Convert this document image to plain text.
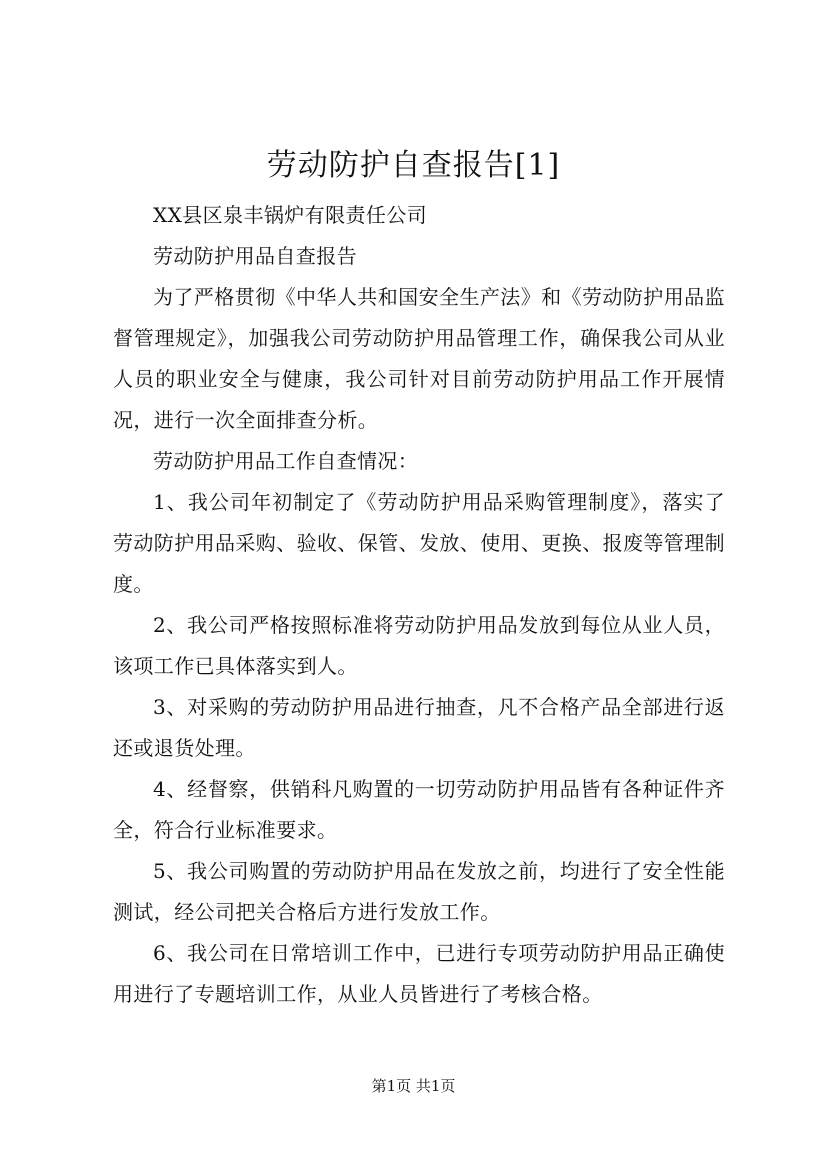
劳动防护自查报告[1]

XX县区泉丰锅炉有限责任公司

劳动防护用品自查报告

为了严格贯彻《中华人共和国安全生产法》和《劳动防护用品监督管理规定》，加强我公司劳动防护用品管理工作，确保我公司从业人员的职业安全与健康，我公司针对目前劳动防护用品工作开展情况，进行一次全面排查分析。

劳动防护用品工作自查情况：

1、我公司年初制定了《劳动防护用品采购管理制度》，落实了劳动防护用品采购、验收、保管、发放、使用、更换、报废等管理制度。

2、我公司严格按照标准将劳动防护用品发放到每位从业人员，该项工作已具体落实到人。

3、对采购的劳动防护用品进行抽查，凡不合格产品全部进行返还或退货处理。

4、经督察，供销科凡购置的一切劳动防护用品皆有各种证件齐全，符合行业标准要求。

5、我公司购置的劳动防护用品在发放之前，均进行了安全性能测试，经公司把关合格后方进行发放工作。

6、我公司在日常培训工作中，已进行专项劳动防护用品正确使用进行了专题培训工作，从业人员皆进行了考核合格。

第1页 共1页
